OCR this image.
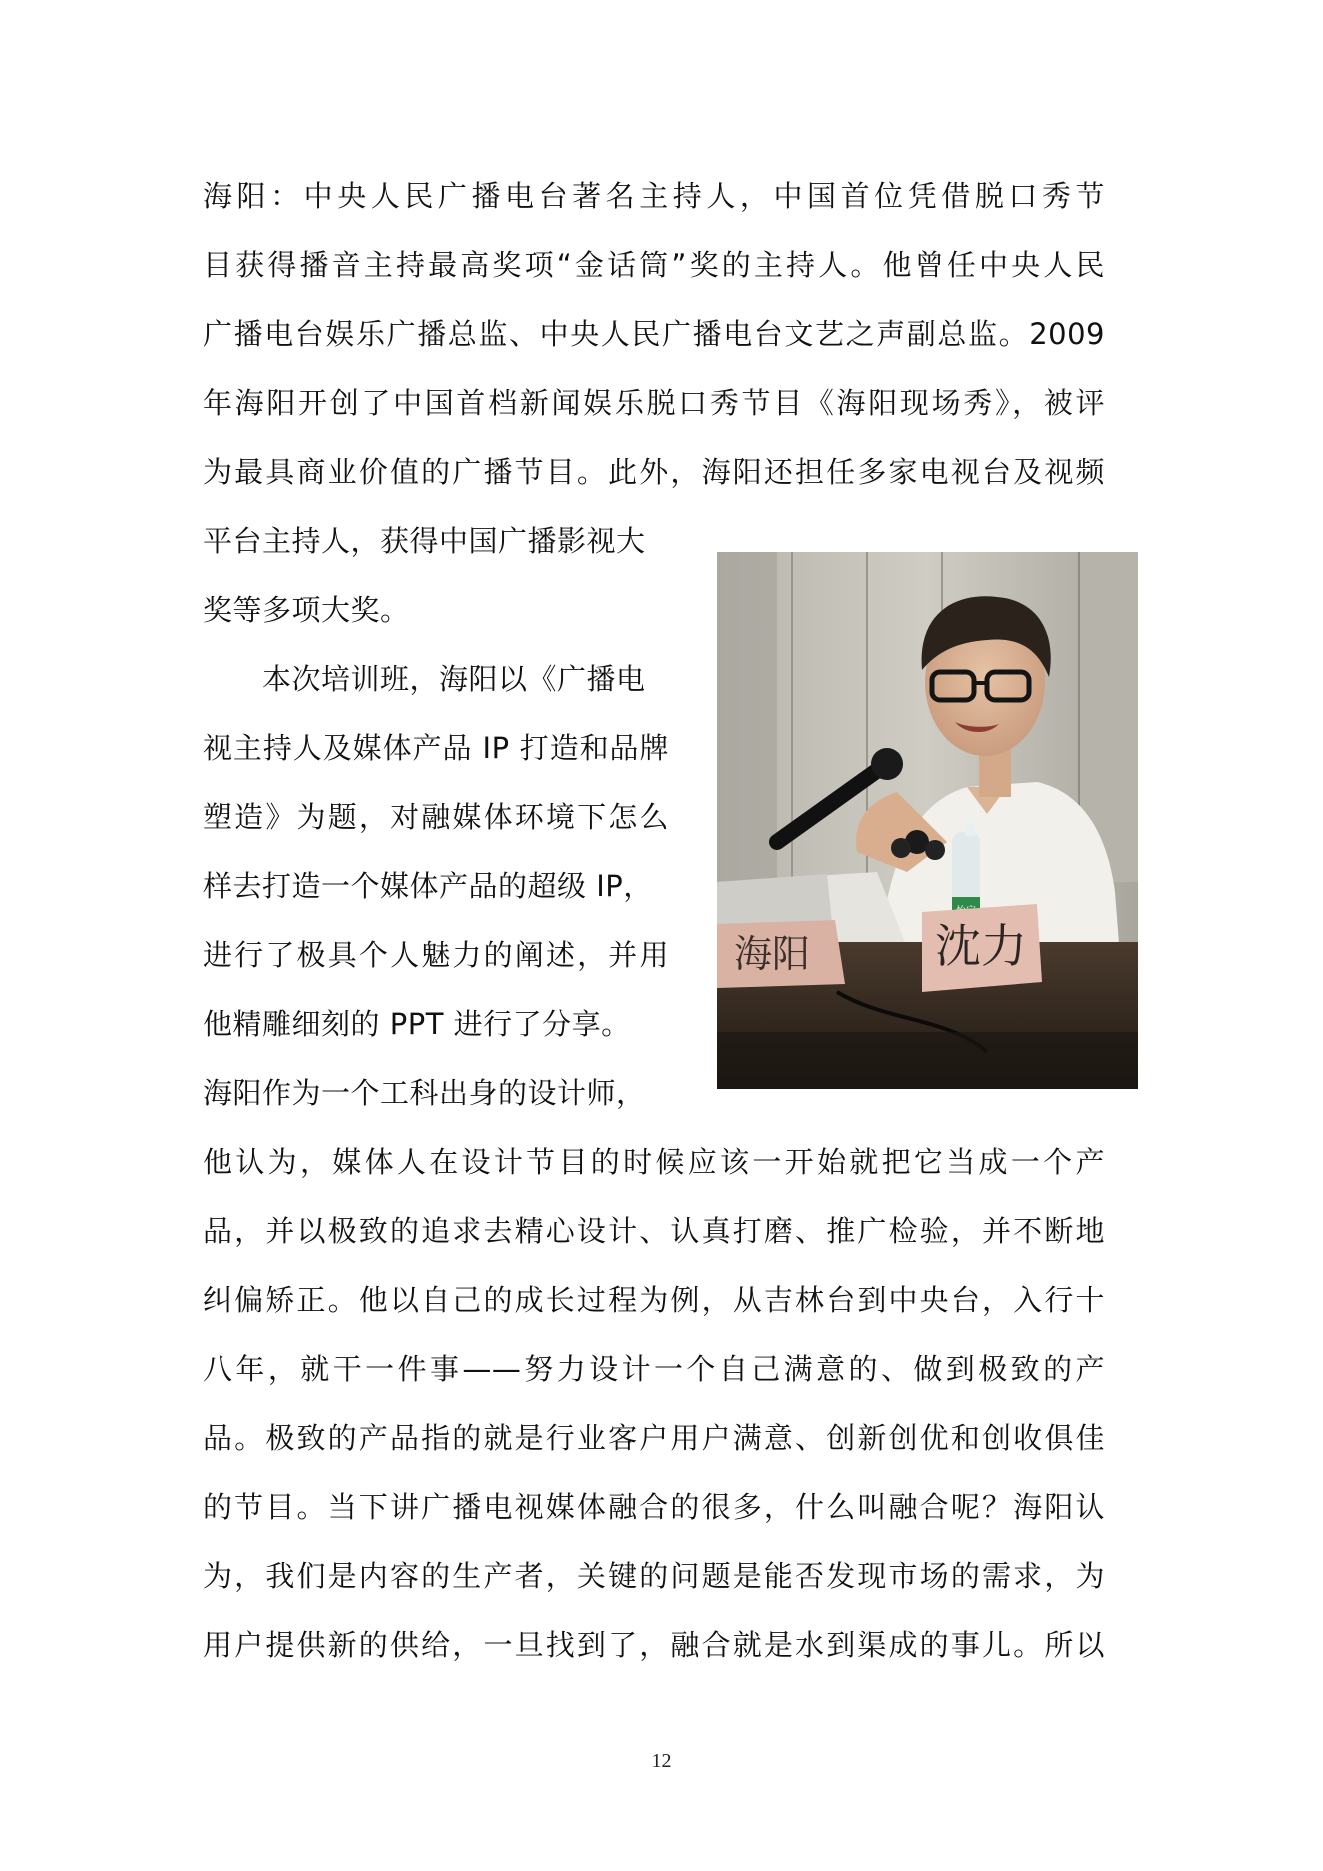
海阳：中央人民广播电台著名主持人，中国首位凭借脱口秀节

目获得播音主持最高奖项“金话筒”奖的主持人。他曾任中央人民

广播电台娱乐广播总监、中央人民广播电台文艺之声副总监。2009

年海阳开创了中国首档新闻娱乐脱口秀节目《海阳现场秀》，被评

为最具商业价值的广播节目。此外，海阳还担任多家电视台及视频

平台主持人，获得中国广播影视大

奖等多项大奖。

本次培训班，海阳以《广播电

视主持人及媒体产品 IP 打造和品牌

塑造》为题，对融媒体环境下怎么

样去打造一个媒体产品的超级 IP，

进行了极具个人魅力的阐述，并用

他精雕细刻的 PPT 进行了分享。

海阳作为一个工科出身的设计师，

他认为，媒体人在设计节目的时候应该一开始就把它当成一个产

品，并以极致的追求去精心设计、认真打磨、推广检验，并不断地

纠偏矫正。他以自己的成长过程为例，从吉林台到中央台，入行十

八年，就干一件事——努力设计一个自己满意的、做到极致的产

品。极致的产品指的就是行业客户用户满意、创新创优和创收俱佳

的节目。当下讲广播电视媒体融合的很多，什么叫融合呢？海阳认

为，我们是内容的生产者，关键的问题是能否发现市场的需求，为

用户提供新的供给，一旦找到了，融合就是水到渠成的事儿。所以

海阳	沈力
12
